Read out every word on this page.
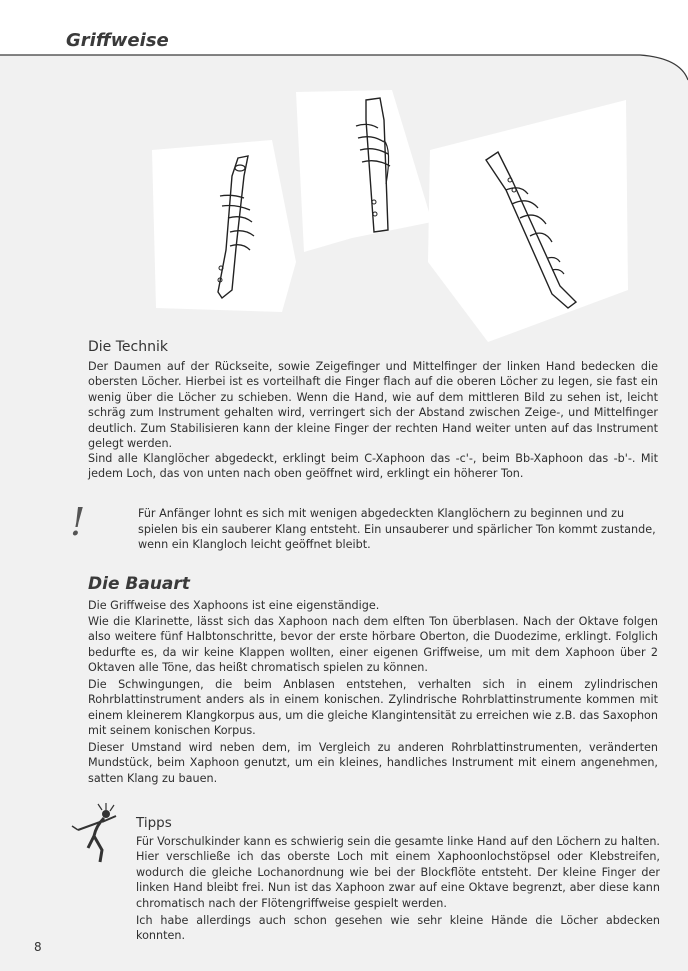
Griffweise
Die Technik

Der Daumen auf der Rückseite, sowie Zeigefinger und Mittelfinger der linken Hand bedecken die obersten Löcher. Hierbei ist es vorteilhaft die Finger flach auf die oberen Löcher zu legen, sie fast ein wenig über die Löcher zu schieben. Wenn die Hand, wie auf dem mittleren Bild zu sehen ist, leicht schräg zum Instrument gehalten wird, verringert sich der Abstand zwischen Zeige-, und Mittelfinger deutlich. Zum Stabilisieren kann der kleine Finger der rechten Hand weiter unten auf das Instrument gelegt werden.

Sind alle Klanglöcher abgedeckt, erklingt beim C-Xaphoon das -c'-, beim Bb-Xaphoon das -b'-. Mit jedem Loch, das von unten nach oben geöffnet wird, erklingt ein höherer Ton.

!	Für Anfänger lohnt es sich mit wenigen abgedeckten Klanglöchern zu beginnen und zu spielen bis ein sauberer Klang entsteht. Ein unsauberer und spärlicher Ton kommt zustande, wenn ein Klangloch leicht geöffnet bleibt.

Die Bauart

Die Griffweise des Xaphoons ist eine eigenständige.

Wie die Klarinette, lässt sich das Xaphoon nach dem elften Ton überblasen. Nach der Oktave folgen also weitere fünf Halbtonschritte, bevor der erste hörbare Oberton, die Duodezime, erklingt. Folglich bedurfte es, da wir keine Klappen wollten, einer eigenen Griffweise, um mit dem Xaphoon über 2 Oktaven alle Töne, das heißt chromatisch spielen zu können.

Die Schwingungen, die beim Anblasen entstehen, verhalten sich in einem zylindrischen Rohrblattinstrument anders als in einem konischen. Zylindrische Rohrblattinstrumente kommen mit einem kleinerem Klangkorpus aus, um die gleiche Klangintensität zu erreichen wie z.B. das Saxophon mit seinem konischen Korpus.

Dieser Umstand wird neben dem, im Vergleich zu anderen Rohrblattinstrumenten, veränderten Mundstück, beim Xaphoon genutzt, um ein kleines, handliches Instrument mit einem angenehmen, satten Klang zu bauen.

Tipps

Für Vorschulkinder kann es schwierig sein die gesamte linke Hand auf den Löchern zu halten. Hier verschließe ich das oberste Loch mit einem Xaphoonlochstöpsel oder Klebstreifen, wodurch die gleiche Lochanordnung wie bei der Blockflöte entsteht. Der kleine Finger der linken Hand bleibt frei. Nun ist das Xaphoon zwar auf eine Oktave begrenzt, aber diese kann chromatisch nach der Flötengriffweise gespielt werden.

Ich habe allerdings auch schon gesehen wie sehr kleine Hände die Löcher abdecken konnten.

8
